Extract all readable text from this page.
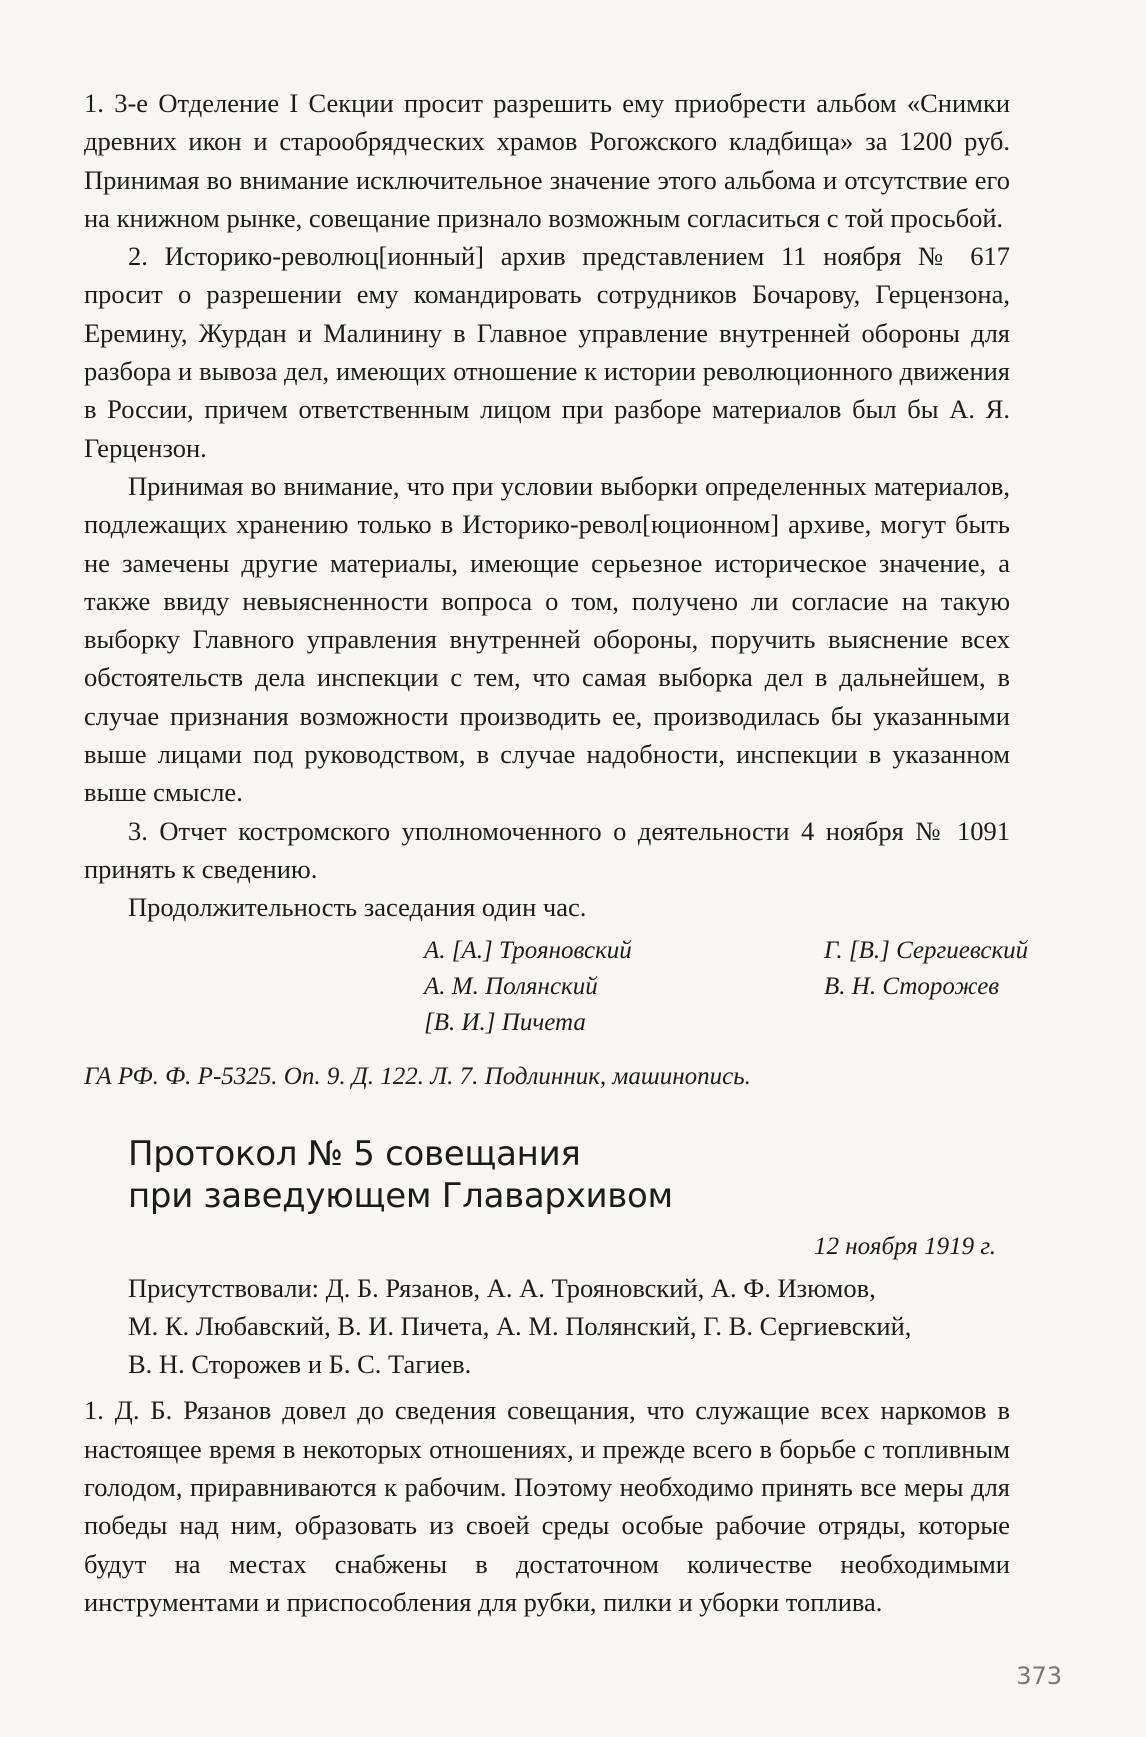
1. 3-е Отделение I Секции просит разрешить ему приобрести альбом «Снимки древних икон и старообрядческих храмов Рогожского кладбища» за 1200 руб. Принимая во внимание исключительное значение этого альбома и отсутствие его на книжном рынке, совещание признало возможным согласиться с той просьбой.

2. Историко-революц[ионный] архив представлением 11 ноября № 617 просит о разрешении ему командировать сотрудников Бочарову, Герцензона, Еремину, Журдан и Малинину в Главное управление внутренней обороны для разбора и вывоза дел, имеющих отношение к истории революционного движения в России, причем ответственным лицом при разборе материалов был бы А. Я. Герцензон.

Принимая во внимание, что при условии выборки определенных материалов, подлежащих хранению только в Историко-револ[юционном] архиве, могут быть не замечены другие материалы, имеющие серьезное историческое значение, а также ввиду невыясненности вопроса о том, получено ли согласие на такую выборку Главного управления внутренней обороны, поручить выяснение всех обстоятельств дела инспекции с тем, что самая выборка дел в дальнейшем, в случае признания возможности производить ее, производилась бы указанными выше лицами под руководством, в случае надобности, инспекции в указанном выше смысле.

3. Отчет костромского уполномоченного о деятельности 4 ноября № 1091 принять к сведению.

Продолжительность заседания один час.

А. [А.] Трояновский	Г. [В.] Сергиевский
А. М. Полянский	В. Н. Сторожев
[В. И.] Пичета
ГА РФ. Ф. Р-5325. Оп. 9. Д. 122. Л. 7. Подлинник, машинопись.
Протокол № 5 совещания
при заведующем Главархивом
12 ноября 1919 г.
Присутствовали: Д. Б. Рязанов, А. А. Трояновский, А. Ф. Изюмов,
М. К. Любавский, В. И. Пичета, А. М. Полянский, Г. В. Сергиевский,
В. Н. Сторожев и Б. С. Тагиев.

1. Д. Б. Рязанов довел до сведения совещания, что служащие всех наркомов в настоящее время в некоторых отношениях, и прежде всего в борьбе с топливным голодом, приравниваются к рабочим. Поэтому необходимо принять все меры для победы над ним, образовать из своей среды особые рабочие отряды, которые будут на местах снабжены в достаточном количестве необходимыми инструментами и приспособления для рубки, пилки и уборки топлива.

373
